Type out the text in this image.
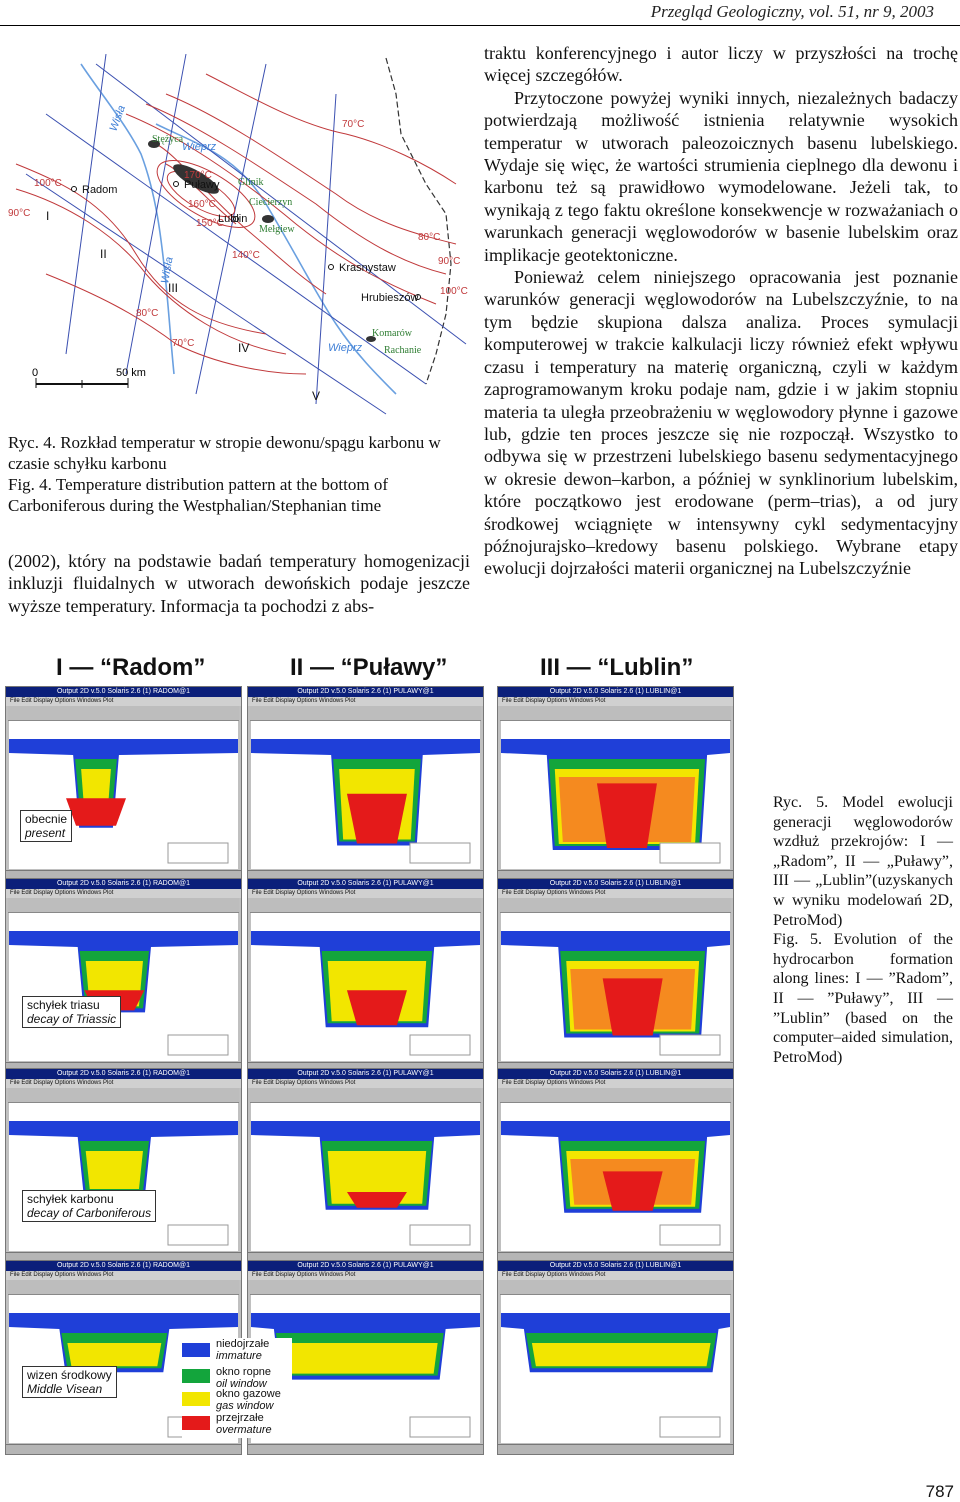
Przegląd Geologiczny, vol. 51, nr 9, 2003
100°C
90°C
80°C
70°C
80°C
90°C
100°C
170°C
160°C
150°C
140°C
70°C
Radom	Puławy
Lublin
Krasnystaw
Hrubieszów
Stężyca
Glinik
Ciecierzyn
Mełgiew
Komarów
Rachanie
Wisła
Wieprz
Wisła
Wieprz
I
II
III
IV
V
0	50 km
Ryc. 4. Rozkład temperatur w stropie dewonu/spągu karbonu w czasie schyłku karbonu
Fig. 4. Temperature distribution pattern at the bottom of Carboniferous during the Westphalian/Stephanian time
(2002), który na podstawie badań temperatury homogenizacji inkluzji fluidalnych w utworach dewońskich podaje jeszcze wyższe temperatury. Informacja ta pochodzi z abs-

traktu konferencyjnego i autor liczy w przyszłości na trochę więcej szczegółów.

Przytoczone powyżej wyniki innych, niezależnych badaczy potwierdzają możliwość istnienia relatywnie wysokich temperatur w utworach paleozoicznych basenu lubelskiego. Wydaje się więc, że wartości strumienia cieplnego dla dewonu i karbonu też są prawidłowo wymodelowane. Jeżeli tak, to wynikają z tego faktu określone konsekwencje w rozważaniach o warunkach generacji węglowodorów w basenie lubelskim oraz implikacje geotektoniczne.

Ponieważ celem niniejszego opracowania jest poznanie warunków generacji węglowodorów na Lubelszczyźnie, to na tym będzie skupiona dalsza analiza. Proces symulacji komputerowej w trakcie kalkulacji liczy również efekt wpływu czasu i temperatury na materię organiczną, czyli w każdym zaprogramowanym kroku podaje nam, gdzie i w jakim stopniu materia ta uległa przeobrażeniu w węglowodory płynne i gazowe lub, gdzie ten proces jeszcze się nie rozpoczął. Wszystko to odbywa się w przestrzeni lubelskiego basenu sedymentacyjnego w okresie dewon–karbon, a później w synklinorium lubelskim, które początkowo jest erodowane (perm–trias), a od jury środkowej wciągnięte w intensywny cykl sedymentacyjny późnojurajsko–kredowy basenu polskiego. Wybrane etapy ewolucji dojrzałości materii organicznej na Lubelszczyźnie

I — “Radom”	II — “Puławy”	III — “Lublin”
Output 2D v.5.0 Solaris 2.6 (1) RADOM@1
File Edit Display Options Windows Plot
Output 2D v.5.0 Solaris 2.6 (1) RADOM@1
File Edit Display Options Windows Plot
Output 2D v.5.0 Solaris 2.6 (1) RADOM@1
File Edit Display Options Windows Plot
Output 2D v.5.0 Solaris 2.6 (1) RADOM@1
File Edit Display Options Windows Plot
Output 2D v.5.0 Solaris 2.6 (1) PULAWY@1
File Edit Display Options Windows Plot
Output 2D v.5.0 Solaris 2.6 (1) PULAWY@1
File Edit Display Options Windows Plot
Output 2D v.5.0 Solaris 2.6 (1) PULAWY@1
File Edit Display Options Windows Plot
Output 2D v.5.0 Solaris 2.6 (1) PULAWY@1
File Edit Display Options Windows Plot
Output 2D v.5.0 Solaris 2.6 (1) LUBLIN@1
File Edit Display Options Windows Plot
Output 2D v.5.0 Solaris 2.6 (1) LUBLIN@1
File Edit Display Options Windows Plot
Output 2D v.5.0 Solaris 2.6 (1) LUBLIN@1
File Edit Display Options Windows Plot
Output 2D v.5.0 Solaris 2.6 (1) LUBLIN@1
File Edit Display Options Windows Plot
obecnie
present
schyłek triasu
decay of Triassic
schyłek karbonu
decay of Carboniferous
wizen środkowy
Middle Visean
niedojrzałe
immature
okno ropne
oil window
okno gazowe
gas window
przejrzałe
overmature
Ryc. 5. Model ewolucji generacji węglowodorów wzdłuż przekrojów: I — „Radom”, II — „Puławy”, III — „Lublin”(uzyskanych w wyniku modelowań 2D, PetroMod)
Fig. 5. Evolution of the hydrocarbon formation along lines: I — ”Radom”, II — ”Puławy”, III — ”Lublin” (based on the computer–aided simulation, PetroMod)
787
